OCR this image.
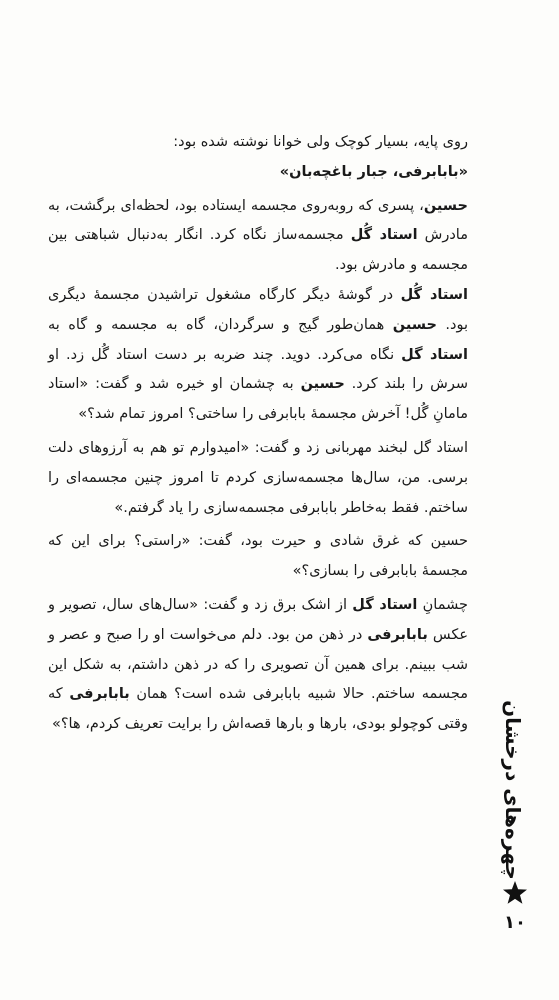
روی پایه، بسیار کوچک ولی خوانا نوشته شده بود:

«بابابرفی، جبار باغچه‌بان»

حسین، پسری که روبه‌روی مجسمه ایستاده بود، لحظه‌ای برگشت، به مادرش استاد گُل مجسمه‌ساز نگاه کرد. انگار به‌دنبال شباهتی بین مجسمه و مادرش بود.

استاد گُل در گوشهٔ دیگر کارگاه مشغول تراشیدن مجسمهٔ دیگری بود. حسین همان‌طور گیج و سرگردان، گاه به مجسمه و گاه به استاد گل نگاه می‌کرد. دوید. چند ضربه بر دست استاد گُل زد. او سرش را بلند کرد. حسین به چشمان او خیره شد و گفت: «استاد مامانِ گُل! آخرش مجسمهٔ بابابرفی را ساختی؟ امروز تمام شد؟»

استاد گل لبخند مهربانی زد و گفت: «امیدوارم تو هم به آرزوهای دلت برسی. من، سال‌ها مجسمه‌سازی کردم تا امروز چنین مجسمه‌ای را ساختم. فقط به‌خاطر بابابرفی مجسمه‌سازی را یاد گرفتم.»

حسین که غرق شادی و حیرت بود، گفت: «راستی؟ برای این که مجسمهٔ بابابرفی را بسازی؟»

چشمانِ استاد گل از اشک برق زد و گفت: «سال‌های سال، تصویر و عکس بابابرفی در ذهن من بود. دلم می‌خواست او را صبح و عصر و شب ببینم. برای همین آن تصویری را که در ذهن داشتم، به شکل این مجسمه ساختم. حالا شبیه بابابرفی شده است؟ همان بابابرفی که وقتی کوچولو بودی، بارها و بارها قصه‌اش را برایت تعریف کردم، ها؟» چهره‌های درخشان
۱۰
